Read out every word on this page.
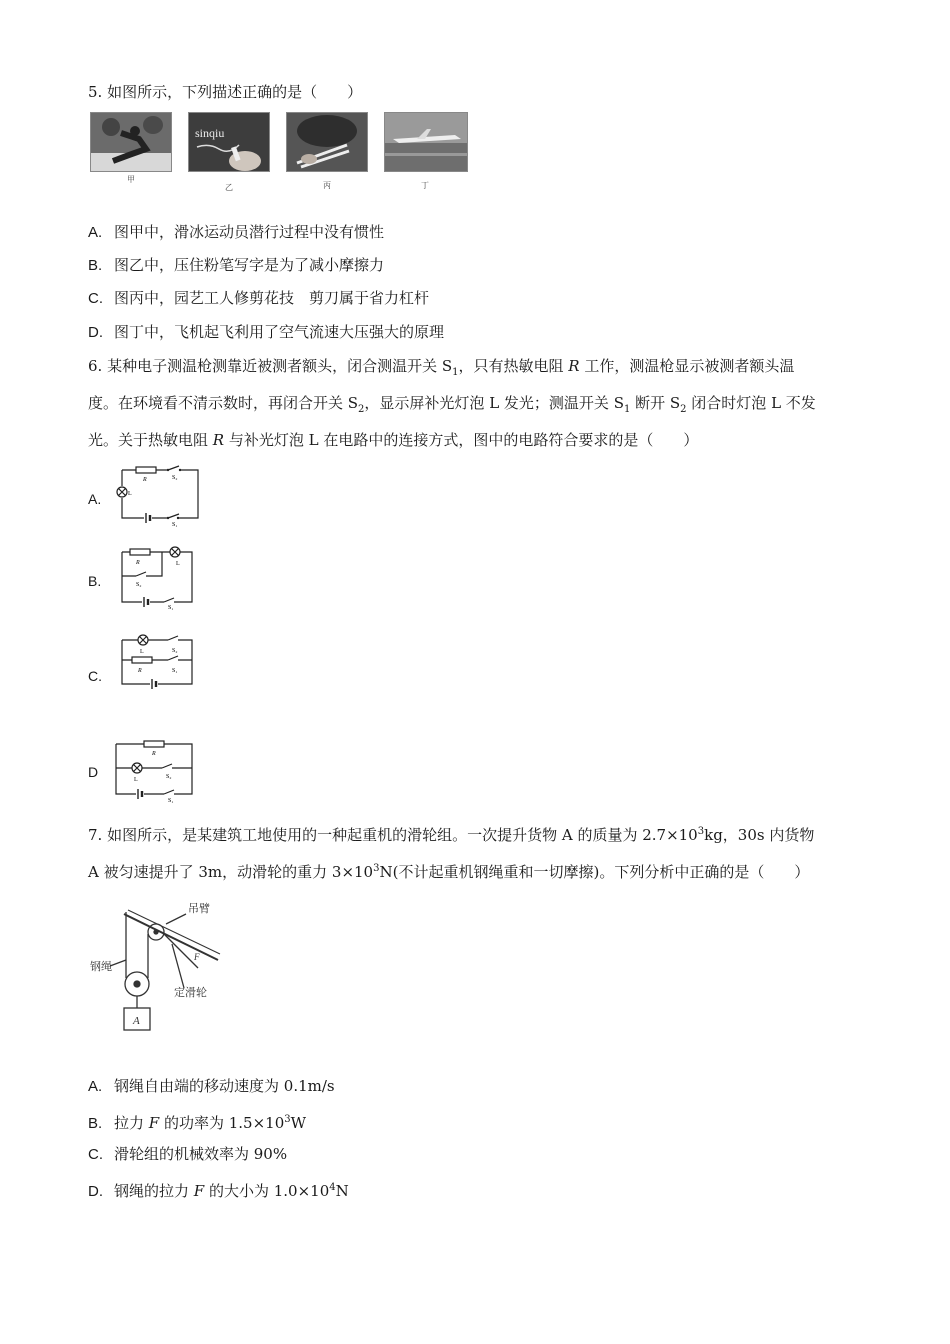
5. 如图所示，下列描述正确的是（　　）
甲
sinqiu
乙	丙	丁
A. 图甲中，滑冰运动员潜行过程中没有惯性
B. 图乙中，压住粉笔写字是为了减小摩擦力
C. 图丙中，园艺工人修剪花技　剪刀属于省力杠杆
D. 图丁中，飞机起飞利用了空气流速大压强大的原理
6. 某种电子测温枪测靠近被测者额头，闭合测温开关 $S_1$，只有热敏电阻 R 工作，测温枪显示被测者额头温
度。在环境看不清示数时，再闭合开关 $S_2$，显示屏补光灯泡 L 发光；测温开关 $S_1$ 断开 $S_2$ 闭合时灯泡 L 不发
光。关于热敏电阻 R 与补光灯泡 L 在电路中的连接方式，图中的电路符合要求的是（　　）
A.
R
L
S₂
S₁
B.
R	L
S₂
S₁
C.
L	S₂
R	S₁
D
R
L	S₂
S₁
7. 如图所示，是某建筑工地使用的一种起重机的滑轮组。一次提升货物 A 的质量为 $2.7\times 10^3kg$，30s 内货物
A 被匀速提升了 3m，动滑轮的重力 $3\times 10^3N$(不计起重机钢绳重和一切摩擦)。下列分析中正确的是（　　）
吊臂
钢绳
定滑轮
F
A
A. 钢绳自由端的移动速度为 0.1m/s
B. 拉力 F 的功率为 $1.5\times 10^3W$
C. 滑轮组的机械效率为 90%
D. 钢绳的拉力 F 的大小为 $1.0\times 10^4N$
